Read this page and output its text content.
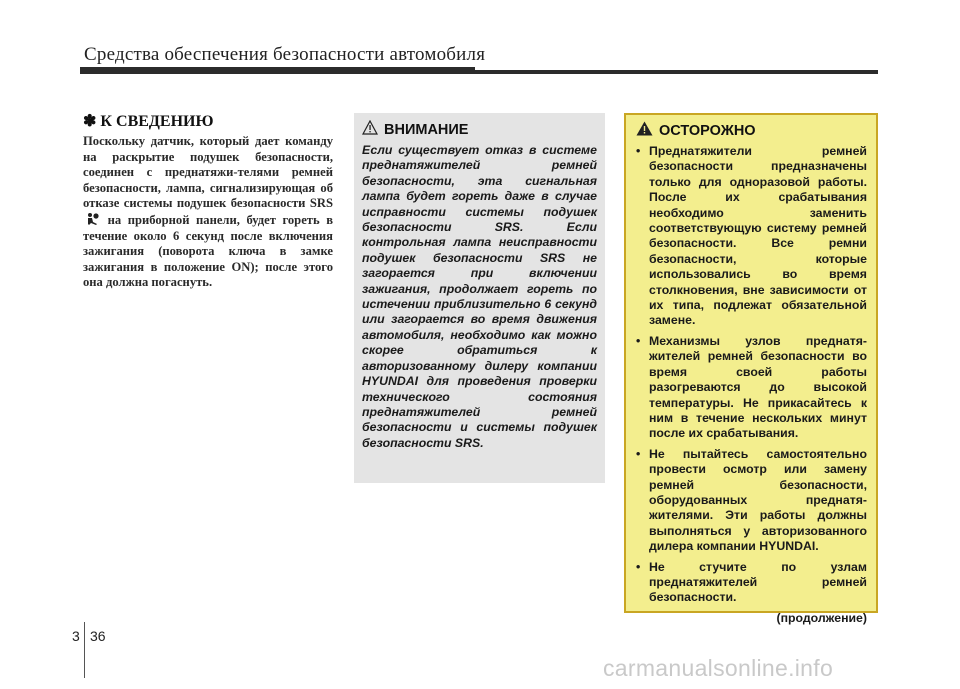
Средства обеспечения безопасности автомобиля
✽ К СВЕДЕНИЮ
Поскольку датчик, который дает команду на раскрытие подушек безопасности, соединен с преднатяжи-телями ремней безопасности, лампа, сигнализирующая об отказе системы подушек безопасности SRS  на приборной панели, будет гореть в течение около 6 секунд после включения зажигания (поворота ключа в замке зажигания в положение ON); после этого она должна погаснуть.
ВНИМАНИЕ

Если существует отказ в системе преднатяжителей ремней безопасности, эта сигнальная лампа будет гореть даже в случае исправности системы подушек безопасности SRS. Если контрольная лампа неисправности подушек безопасности SRS не загорается при включении зажигания, продолжает гореть по истечении приблизительно 6 секунд или загорается во время движения автомобиля, необходимо как можно скорее обратиться к авторизованному дилеру компании HYUNDAI для проведения проверки технического состояния преднатяжителей ремней безопасности и системы подушек безопасности SRS.

ОСТОРОЖНО
• Преднатяжители ремней безопасности предназначены только для одноразовой работы. После их срабатывания необходимо заменить соответствующую систему ремней безопасности. Все ремни безопасности, которые использовались во время столкновения, вне зависимости от их типа, подлежат обязательной замене.
• Механизмы узлов преднатя-жителей ремней безопасности во время своей работы разогреваются до высокой температуры. Не прикасайтесь к ним в течение нескольких минут после их срабатывания.
• Не пытайтесь самостоятельно провести осмотр или замену ремней безопасности, оборудованных преднатя-жителями. Эти работы должны выполняться у авторизованного дилера компании HYUNDAI.
• Не стучите по узлам преднатяжителей ремней безопасности.
(продолжение)
3 36
carmanualsonline.info
